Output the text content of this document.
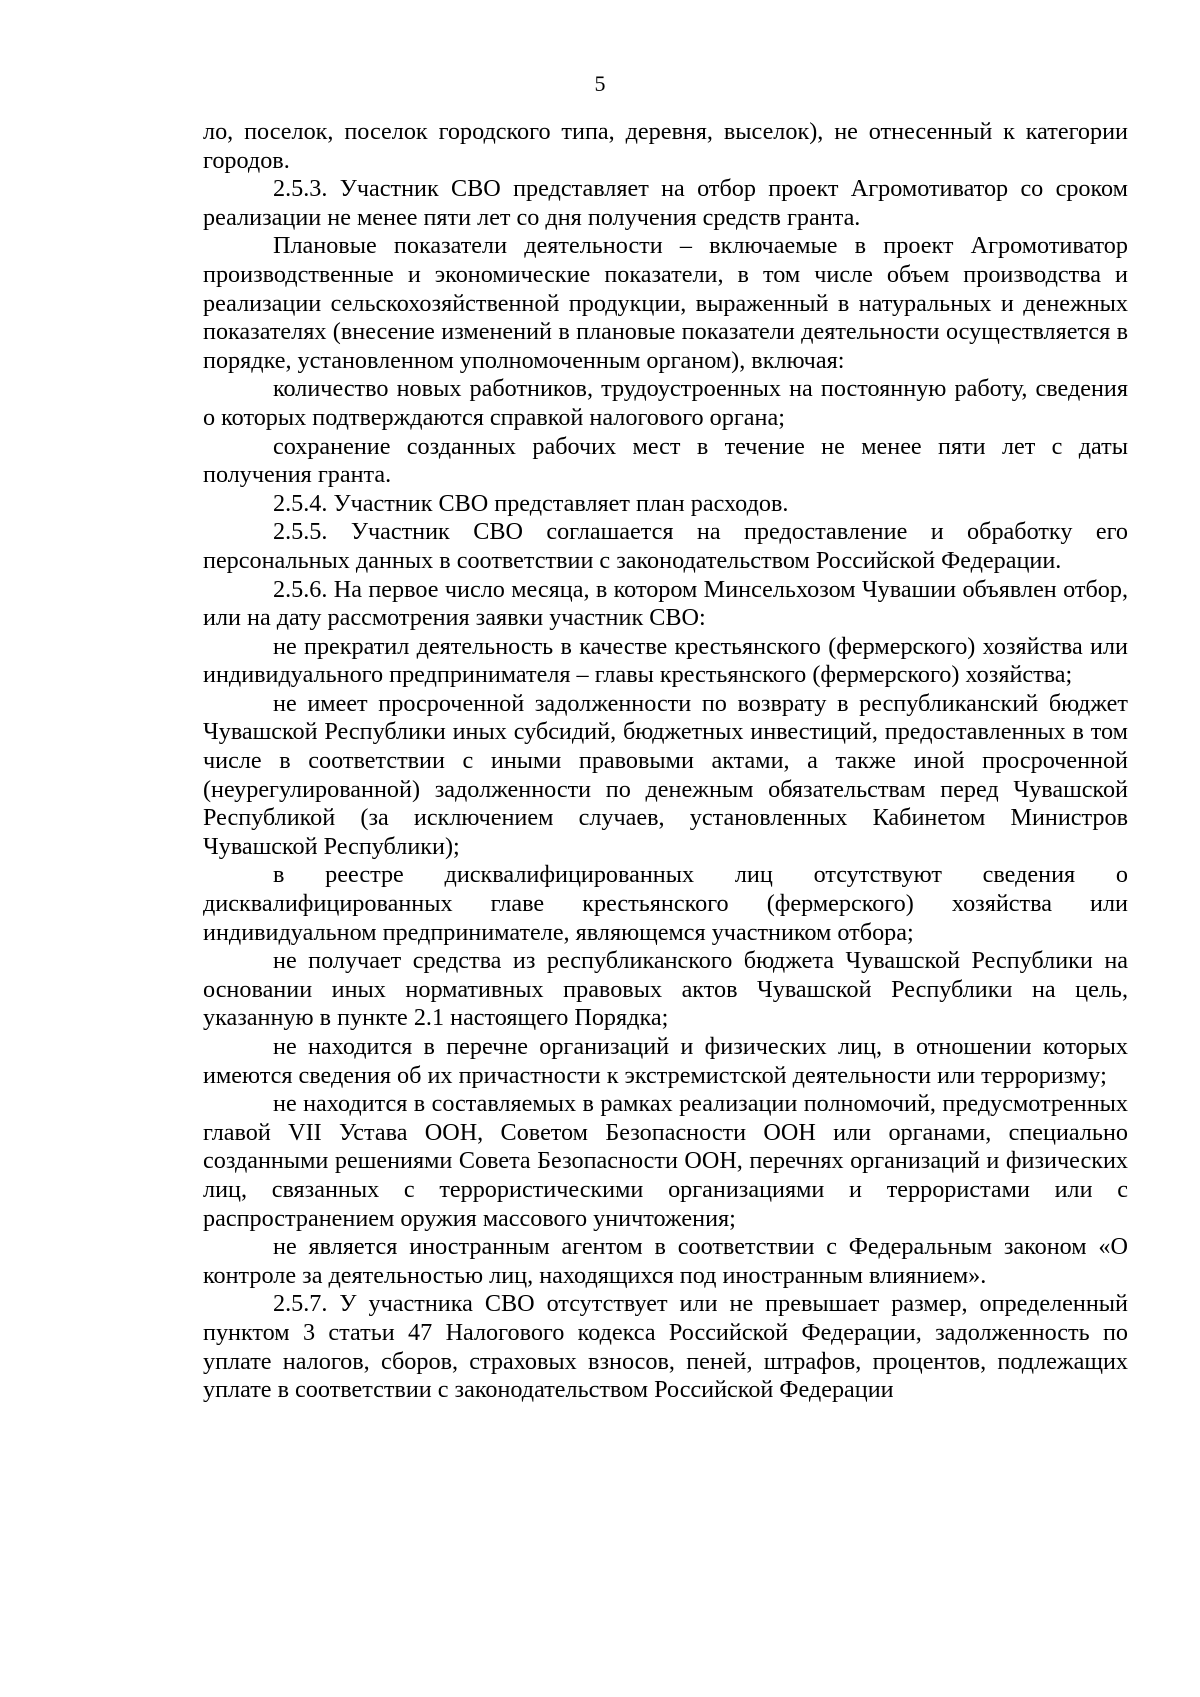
5

ло, поселок, поселок городского типа, деревня, выселок), не отнесенный к категории городов.

2.5.3. Участник СВО представляет на отбор проект Агромотиватор со сроком реализации не менее пяти лет со дня получения средств гранта.

Плановые показатели деятельности – включаемые в проект Агромотиватор производственные и экономические показатели, в том числе объем производства и реализации сельскохозяйственной продукции, выраженный в натуральных и денежных показателях (внесение изменений в плановые показатели деятельности осуществляется в порядке, установленном уполномоченным органом), включая:

количество новых работников, трудоустроенных на постоянную работу, сведения о которых подтверждаются справкой налогового органа;

сохранение созданных рабочих мест в течение не менее пяти лет с даты получения гранта.

2.5.4. Участник СВО представляет план расходов.

2.5.5. Участник СВО соглашается на предоставление и обработку его персональных данных в соответствии с законодательством Российской Федерации.

2.5.6. На первое число месяца, в котором Минсельхозом Чувашии объявлен отбор, или на дату рассмотрения заявки участник СВО:

не прекратил деятельность в качестве крестьянского (фермерского) хозяйства или индивидуального предпринимателя – главы крестьянского (фермерского) хозяйства;

не имеет просроченной задолженности по возврату в республиканский бюджет Чувашской Республики иных субсидий, бюджетных инвестиций, предоставленных в том числе в соответствии с иными правовыми актами, а также иной просроченной (неурегулированной) задолженности по денежным обязательствам перед Чувашской Республикой (за исключением случаев, установленных Кабинетом Министров Чувашской Республики);

в реестре дисквалифицированных лиц отсутствуют сведения о дисквалифицированных главе крестьянского (фермерского) хозяйства или индивидуальном предпринимателе, являющемся участником отбора;

не получает средства из республиканского бюджета Чувашской Республики на основании иных нормативных правовых актов Чувашской Республики на цель, указанную в пункте 2.1 настоящего Порядка;

не находится в перечне организаций и физических лиц, в отношении которых имеются сведения об их причастности к экстремистской деятельности или терроризму;

не находится в составляемых в рамках реализации полномочий, предусмотренных главой VII Устава ООН, Советом Безопасности ООН или органами, специально созданными решениями Совета Безопасности ООН, перечнях организаций и физических лиц, связанных с террористическими организациями и террористами или с распространением оружия массового уничтожения;

не является иностранным агентом в соответствии с Федеральным законом «О контроле за деятельностью лиц, находящихся под иностранным влиянием».

2.5.7. У участника СВО отсутствует или не превышает размер, определенный пунктом 3 статьи 47 Налогового кодекса Российской Федерации, задолженность по уплате налогов, сборов, страховых взносов, пеней, штрафов, процентов, подлежащих уплате в соответствии с законодательством Российской Федерации
